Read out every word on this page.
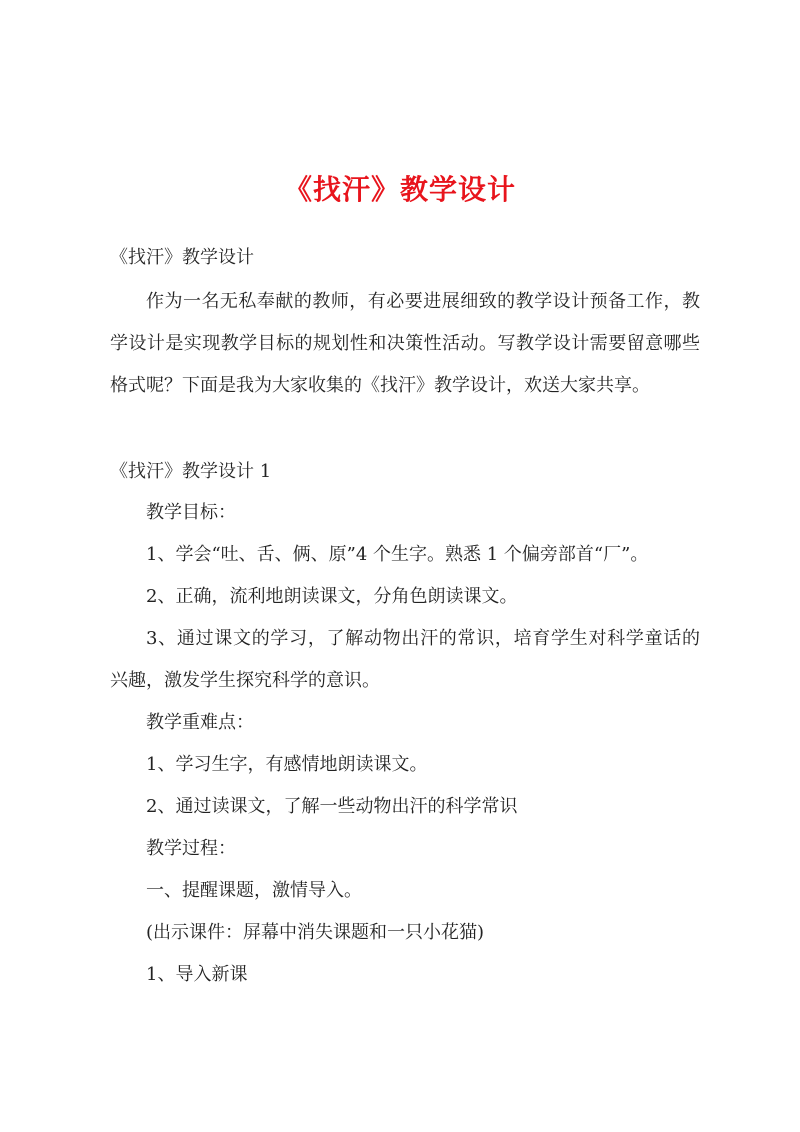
《找汗》教学设计
《找汗》教学设计
作为一名无私奉献的教师，有必要进展细致的教学设计预备工作，教
学设计是实现教学目标的规划性和决策性活动。写教学设计需要留意哪些
格式呢？下面是我为大家收集的《找汗》教学设计，欢送大家共享。
《找汗》教学设计 1
教学目标：
1、学会“吐、舌、俩、原”4 个生字。熟悉 1 个偏旁部首“厂”。
2、正确，流利地朗读课文，分角色朗读课文。
3、通过课文的学习，了解动物出汗的常识，培育学生对科学童话的
兴趣，激发学生探究科学的意识。
教学重难点：
1、学习生字，有感情地朗读课文。
2、通过读课文，了解一些动物出汗的科学常识
教学过程：
一、提醒课题，激情导入。
(出示课件：屏幕中消失课题和一只小花猫)
1、导入新课
